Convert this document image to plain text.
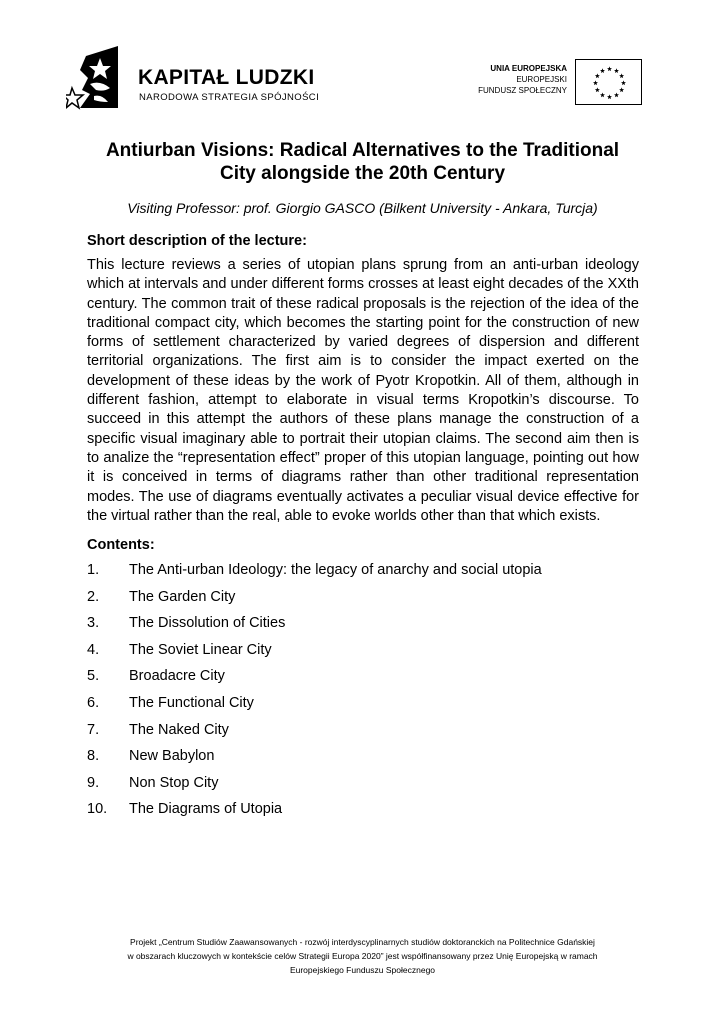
KAPITAŁ LUDZKI
NARODOWA STRATEGIA SPÓJNOŚCI
UNIA EUROPEJSKA
EUROPEJSKI
FUNDUSZ SPOŁECZNY
Antiurban Visions: Radical Alternatives to the Traditional
City alongside the 20th Century
Visiting Professor: prof. Giorgio GASCO (Bilkent University - Ankara, Turcja)
Short description of the lecture:

This lecture reviews a series of utopian plans sprung from an anti-urban ideology which at intervals and under different forms crosses at least eight decades of the XXth century. The common trait of these radical proposals is the rejection of the idea of the traditional compact city, which becomes the starting point for the construction of new forms of settlement characterized by varied degrees of dispersion and different territorial organizations. The first aim is to consider the impact exerted on the development of these ideas by the work of Pyotr Kropotkin. All of them, although in different fashion, attempt to elaborate in visual terms Kropotkin’s discourse. To succeed in this attempt the authors of these plans manage the construction of a specific visual imaginary able to portrait their utopian claims. The second aim then is to analize the “representation effect” proper of this utopian language, pointing out how it is conceived in terms of diagrams rather than other traditional representation modes. The use of diagrams eventually activates a peculiar visual device effective for the virtual rather than the real, able to evoke worlds other than that which exists.

Contents:
1. The Anti-urban Ideology: the legacy of anarchy and social utopia
2. The Garden City
3. The Dissolution of Cities
4. The Soviet Linear City
5. Broadacre City
6. The Functional City
7. The Naked City
8. New Babylon
9. Non Stop City
10. The Diagrams of Utopia
Projekt „Centrum Studiów Zaawansowanych - rozwój interdyscyplinarnych studiów doktoranckich na Politechnice Gdańskiej
w obszarach kluczowych w kontekście celów Strategii Europa 2020” jest współfinansowany przez Unię Europejską w ramach
Europejskiego Funduszu Społecznego
